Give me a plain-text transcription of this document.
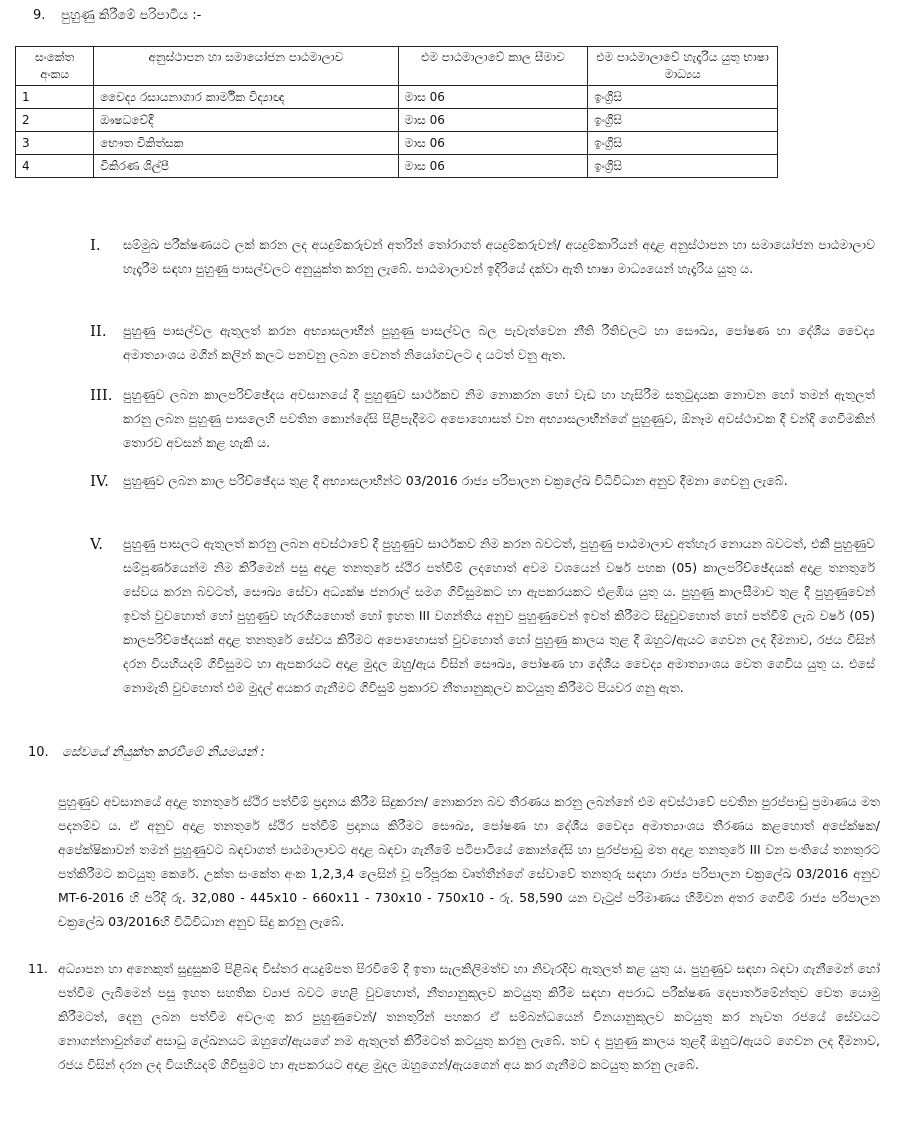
9. පුහුණු කිරීමේ පරිපාටිය :-
සංකේත අංකය	අනුස්ථාපන හා සමායෝජන පාඨමාලාව	එම පාඨමාලාවේ කාල සීමාව	එම පාඨමාලාවේ හැදෑරිය යුතු භාෂා මාධ්‍යය
1	වෛද්‍ය රසායනාගාර කාර්මික විද්‍යාඥ	මාස 06	ඉංග්‍රීසි
2	ඖෂධවේදී	මාස 06	ඉංග්‍රීසි
3	භෞත චිකිත්සක	මාස 06	ඉංග්‍රීසි
4	විකිරණ ශිල්පී	මාස 06	ඉංග්‍රීසි
I. සම්මුඛ පරීක්ෂණයට ලක් කරන ලද අයදුම්කරුවන් අතරින් තෝරාගත් අයදුම්කරුවන්/ අයදුම්කාරියන් අදාළ අනුස්ථාපන හා සමායෝජන පාඨමාලාව හැදෑරීම සඳහා පුහුණු පාසල්වලට අනුයුක්ත කරනු ලැබේ. පාඨමාලාවන් ඉදිරියේ දක්වා ඇති භාෂා මාධ්‍යයෙන් හැදෑරිය යුතු ය.
II. පුහුණු පාසල්වල ඇතුලත් කරන අභ්‍යාසලාභීන් පුහුණු පාසල්වල බල පැවැත්වෙන නීති රීතිවලට හා සෞඛ්‍ය, පෝෂණ හා දේශීය වෛද්‍ය අමාත්‍යාංශය මගින් කලින් කලට පනවනු ලබන වෙනත් නියෝගවලට ද යටත් වනු ඇත.
III. පුහුණුව ලබන කාලපරිච්ඡේදය අවසානයේ දී පුහුණුව සාර්ථකව නිම නොකරන හෝ වැඩ හා හැසිරීම සතුටුදායක නොවන හෝ තමන් ඇතුලත් කරනු ලබන පුහුණු පාසලෙහි පවතින කොන්දේසි පිළිපැදීමට අපොහොසත් වන අභ්‍යාසලාභීන්ගේ පුහුණුව, ඕනෑම අවස්ථාවක දී වන්දි ගෙවීමකින් තොරව අවසන් කළ හැකි ය.
IV. පුහුණුව ලබන කාල පරිච්ඡේදය තුළ දී අභ්‍යාසලාභීන්ට 03/2016 රාජ්‍ය පරිපාලන චක්‍රලේඛ විධිවිධාන අනුව දීමනා ගෙවනු ලැබේ.
V. පුහුණු පාසලට ඇතුලත් කරනු ලබන අවස්ථාවේ දී පුහුණුව සාර්ථකව නිම කරන බවටත්, පුහුණු පාඨමාලාව අත්හැර නොයන බවටත්, එකී පුහුණුව සම්පූර්ණයෙන්ම නිම කිරීමෙන් පසු අදාළ තනතුරේ ස්ථිර පත්වීම් ලදහොත් අවම වශයෙන් වර්ෂ පහක (05) කාලපරිච්ඡේදයක් අදාළ තනතුරේ සේවය කරන බවටත්, සෞඛ්‍ය සේවා අධ්‍යක්ෂ ජනරාල් සමග ගිවිසුමකට හා ඇපකරයකට එළඹිය යුතු ය. පුහුණු කාලසීමාව තුළ දී පුහුණුවෙන් ඉවත් වුවහොත් හෝ පුහුණුව හැරගියහොත් හෝ ඉහත III වගන්තිය අනුව පුහුණුවෙන් ඉවත් කිරීමට සිදුවුවහොත් හෝ පත්වීම් ලැබ වර්ෂ (05) කාලපරිච්ඡේදයක් අදාළ තනතුරේ සේවය කිරීමට අපොහොසත් වුවහොත් හෝ පුහුණු කාලය තුළ දී ඔහුට/ඇයට ගෙවන ලද දීමනාව, රජය විසින් දරන වියහියදම් ගිවිසුමට හා ඇපකරයට අදාළ මුදල ඔහු/ඇය විසින් සෞඛ්‍ය, පෝෂණ හා දේශීය වෛද්‍ය අමාත්‍යාංශය වෙත ගෙවිය යුතු ය. එසේ නොමැති වුවහොත් එම මුදල් අයකර ගැනීමට ගිවිසුම් ප්‍රකාරව නීත්‍යානුකූලව කටයුතු කිරීමට පියවර ගනු ඇත.
10. සේවයේ නියුක්ත කරවීමේ නියමයන් :
පුහුණුව අවසානයේ අදාළ තනතුරේ ස්ථිර පත්වීම් ප්‍රදානය කිරීම සිදුකරන/ නොකරන බව තීරණය කරනු ලබන්නේ එම අවස්ථාවේ පවතින පුරප්පාඩු ප්‍රමාණය මත පදනම්ව ය. ඒ අනුව අදාළ තනතුරේ ස්ථිර පත්වීම් ප්‍රදානය කිරීමට සෞඛ්‍ය, පෝෂණ හා දේශීය වෛද්‍ය අමාත්‍යාංශය තීරණය කළහොත් අපේක්ෂක/ අපේක්ෂිකාවන් තමන් පුහුණුවට බඳවාගත් පාඨමාලාවට අදාළ බඳවා ගැනීමේ පටිපාටියේ කොන්දේසි හා පුරප්පාඩු මත අදාළ තනතුරේ III වන පංතියේ තනතුරට පත්කිරීමට කටයුතු කෙරේ. උක්ත සංකේත අංක 1,2,3,4 ලෙසින් වූ පරිපූරක වෘත්තීන්ගේ සේවාවේ තනතුරු සඳහා රාජ්‍ය පරිපාලන චක්‍රලේඛ 03/2016 අනුව MT-6-2016 හි පරිදි රු. 32,080 - 445x10 - 660x11 - 730x10 - 750x10 - රු. 58,590 යන වැටුප් පරිමාණය හිමිවන අතර ගෙවීම් රාජ්‍ය පරිපාලන චක්‍රලේඛ 03/2016හි විධිවිධාන අනුව සිදු කරනු ලැබේ.
11. අධ්‍යාපන හා අනෙකුත් සුදුසුකම් පිළිබඳ විස්තර අයදුම්පත පිරවීමේ දී ඉතා සැලකිලිමත්ව හා නිවැරදිව ඇතුලත් කළ යුතු ය. පුහුණුව සඳහා බඳවා ගැනීමෙන් හෝ පත්වීම ලැබීමෙන් පසු ඉහත සහතික ව්‍යාජ බවට හෙළි වුවහොත්, නීත්‍යානුකූලව කටයුතු කිරීම සඳහා අපරාධ පරීක්ෂණ දෙපාර්තමේන්තුව වෙත යොමු කිරීමටත්, දෙනු ලබන පත්වීම අවලංගු කර පුහුණුවෙන්/ තනතුරින් පහකර ඒ සම්බන්ධයෙන් විනයානුකූලව කටයුතු කර නැවත රජයේ සේවයට නොගන්නාවුන්ගේ අසාධු ලේඛනයට ඔහුගේ/ඇයගේ නම ඇතුලත් කිරීමටත් කටයුතු කරනු ලැබේ. තව ද පුහුණු කාලය තුළදී ඔහුට/ඇයට ගෙවන ලද දීමනාව, රජය විසින් දරන ලද වියහියදම් ගිවිසුමට හා ඇපකරයට අදාළ මුදල ඔහුගෙන්/ඇයගෙන් අය කර ගැනීමට කටයුතු කරනු ලැබේ.
